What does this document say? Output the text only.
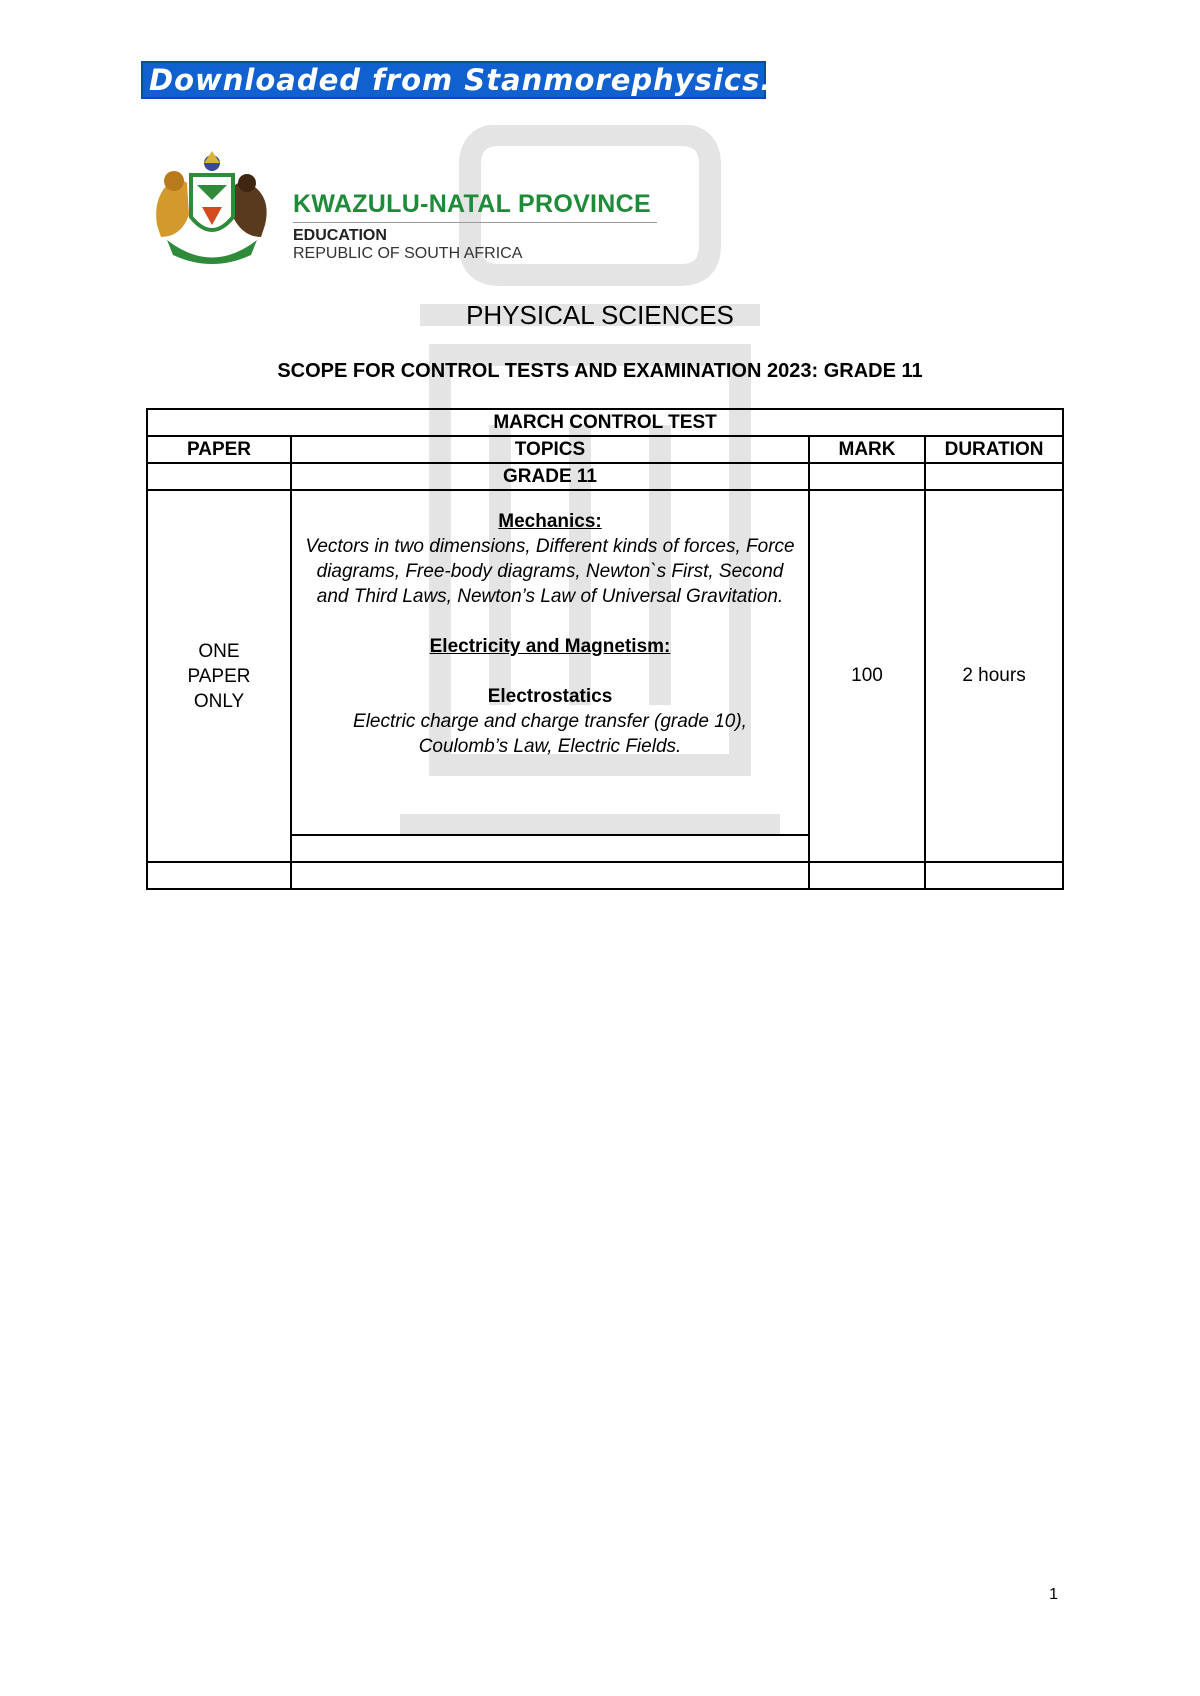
Downloaded from Stanmorephysics.com
KWAZULU-NATAL PROVINCE
EDUCATION
REPUBLIC OF SOUTH AFRICA
PHYSICAL SCIENCES
SCOPE FOR CONTROL TESTS AND EXAMINATION 2023: GRADE 11
MARCH CONTROL TEST			
PAPER	TOPICS	MARK	DURATION
	GRADE 11		

ONE PAPER ONLY	Mechanics:
Vectors in two dimensions, Different kinds of forces, Force diagrams, Free-body diagrams, Newton`s First, Second and Third Laws, Newton’s Law of Universal Gravitation.
Electricity and Magnetism:
Electrostatics
Electric charge and charge transfer (grade 10), Coulomb’s Law, Electric Fields.	100	2 hours

1
